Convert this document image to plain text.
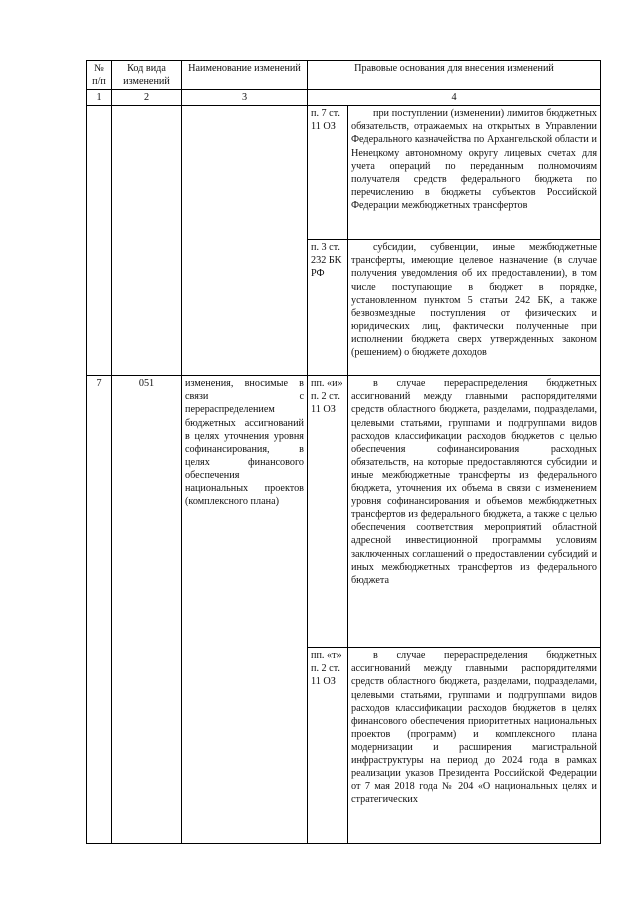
№ п/п	Код вида изменений	Наименование изменений	Правовые основания для внесения изменений	
1	2	3	4	
			п. 7 ст. 11 ОЗ	при поступлении (изменении) лимитов бюджетных обязательств, отражаемых на открытых в Управлении Федерального казначейства по Архангельской области и Ненецкому автономному округу лицевых счетах для учета операций по переданным полномочиям получателя средств федерального бюджета по перечислению в бюджеты субъектов Российской Федерации межбюджетных трансфертов
			п. 3 ст. 232 БК РФ	субсидии, субвенции, иные межбюджетные трансферты, имеющие целевое назначение (в случае получения уведомления об их предоставлении), в том числе поступающие в бюджет в порядке, установленном пунктом 5 статьи 242 БК, а также безвозмездные поступления от физических и юридических лиц, фактически полученные при исполнении бюджета сверх утвержденных законом (решением) о бюджете доходов
7	051	изменения, вносимые в связи с перераспределением бюджетных ассигнований в целях уточнения уровня софинансирования, в целях финансового обеспечения национальных проектов (комплексного плана)	пп. «и» п. 2 ст. 11 ОЗ	в случае перераспределения бюджетных ассигнований между главными распорядителями средств областного бюджета, разделами, подразделами, целевыми статьями, группами и подгруппами видов расходов классификации расходов бюджетов с целью обеспечения софинансирования расходных обязательств, на которые предоставляются субсидии и иные межбюджетные трансферты из федерального бюджета, уточнения их объема в связи с изменением уровня софинансирования и объемов межбюджетных трансфертов из федерального бюджета, а также с целью обеспечения соответствия мероприятий областной адресной инвестиционной программы условиям заключенных соглашений о предоставлении субсидий и иных межбюджетных трансфертов из федерального бюджета
			пп. «т» п. 2 ст. 11 ОЗ	в случае перераспределения бюджетных ассигнований между главными распорядителями средств областного бюджета, разделами, подразделами, целевыми статьями, группами и подгруппами видов расходов классификации расходов бюджетов в целях финансового обеспечения приоритетных национальных проектов (программ) и комплексного плана модернизации и расширения магистральной инфраструктуры на период до 2024 года в рамках реализации указов Президента Российской Федерации от 7 мая 2018 года № 204 «О национальных целях и стратегических
